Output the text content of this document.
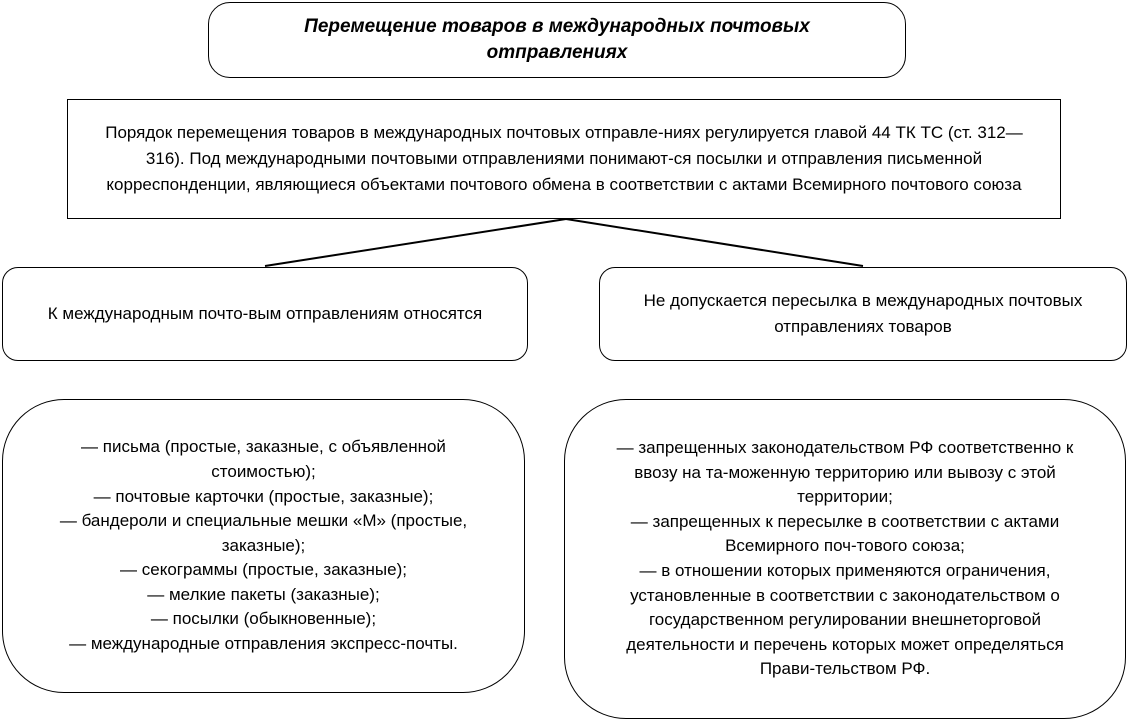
Перемещение товаров в международных почтовых отправлениях
Порядок перемещения товаров в международных почтовых отправле-ниях регулируется главой 44 ТК ТС (ст. 312— 316). Под международными почтовыми отправлениями понимают-ся посылки и отправления письменной корреспонденции, являющиеся объектами почтового обмена в соответствии с актами Всемирного почтового союза
К международным почто-вым отправлениям относятся
Не допускается пересылка в международных почтовых отправлениях товаров
— письма (простые, заказные, с объявленной стоимостью);
— почтовые карточки (простые, заказные);
— бандероли и специальные мешки «М» (простые, заказные);
— секограммы (простые, заказные);
— мелкие пакеты (заказные);
— посылки (обыкновенные);
— международные отправления экспресс-почты.
— запрещенных законодательством РФ соответственно к ввозу на та-моженную территорию или вывозу с этой территории;
— запрещенных к пересылке в соответствии с актами Всемирного поч-тового союза;
— в отношении которых применяются ограничения, установленные в соответствии с законодательством о государственном регулировании внешнеторговой деятельности и перечень которых может определяться Прави-тельством РФ.
